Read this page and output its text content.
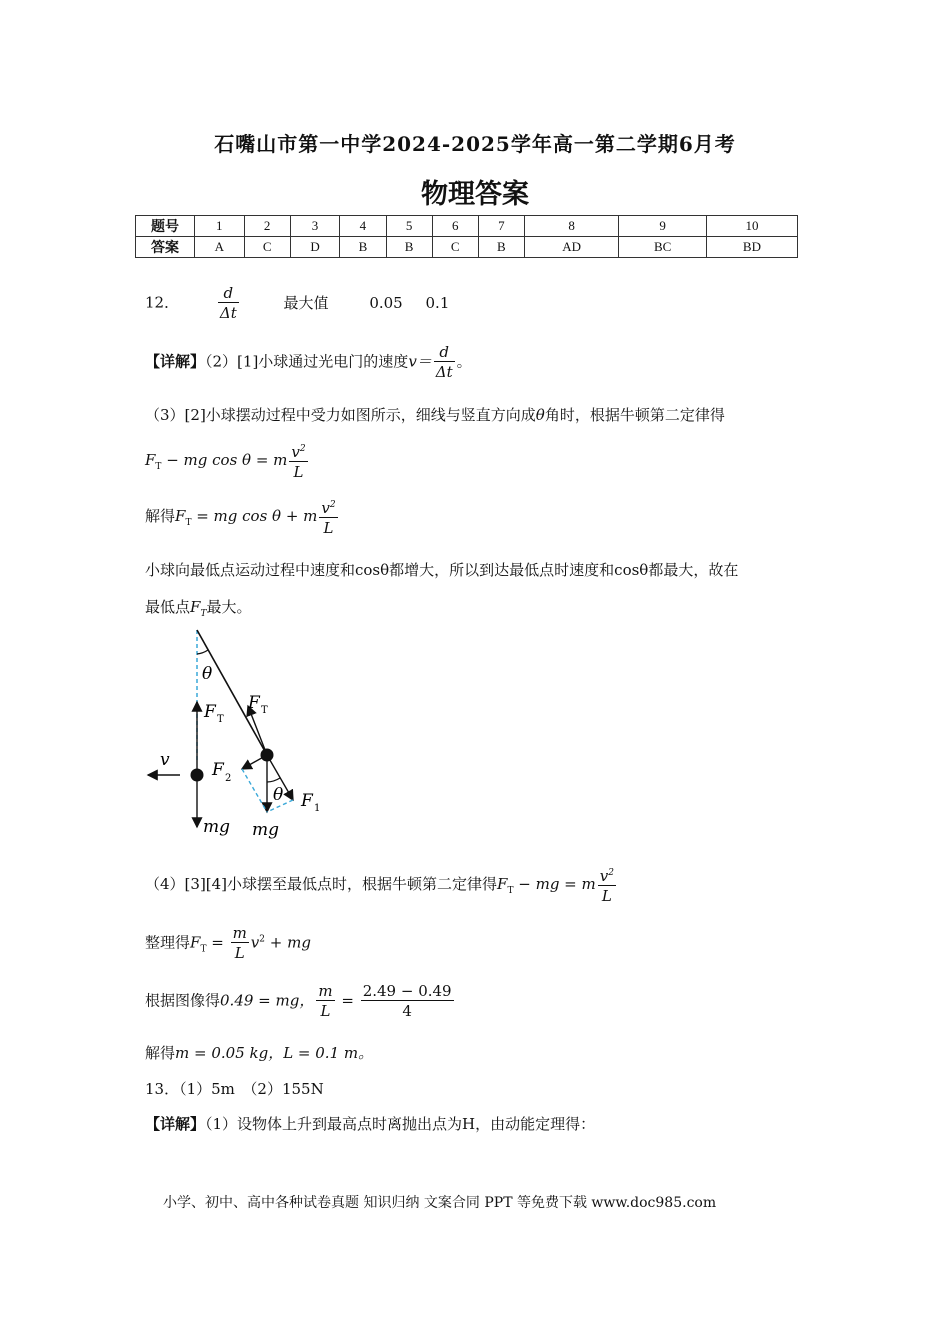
石嘴山市第一中学2024-2025学年高一第二学期6月考
物理答案
题号	1	2	3	4	5	6	7	8	9	10
答案	A	C	D	B	B	C	B	AD	BC	BD
12．	$\frac{d}{\Delta t}$	最大值	0.05 0.1
【详解】（2）[1]小球通过光电门的速度$v= \frac{d}{\Delta t}$ 。
（3）[2]小球摆动过程中受力如图所示，细线与竖直方向成θ角时，根据牛顿第二定律得
$F_T$ − mg cos θ = m $\frac{v^2}{L}$
解得$F_T$ = mg cos θ + m $\frac{v^2}{L}$
小球向最低点运动过程中速度和cosθ都增大，所以到达最低点时速度和cosθ都最大，故在
最低点$F_T$最大。
θ
F T
F T
v F 2
θ F 1
mg mg
（4）[3][4]小球摆至最低点时，根据牛顿第二定律得$F_T$ − mg = m $\frac{v^2}{L}$
整理得$F_T = \frac{m}{L} v^2$ + mg
根据图像得0.49 = mg， $\frac{m}{L} = \frac{2.49 - 0.49}{4}$
解得m = 0.05 kg，L = 0.1 m。
13．（1）5m　（2）155N
【详解】（1）设物体上升到最高点时离抛出点为H，由动能定理得：
小学、初中、高中各种试卷真题 知识归纳 文案合同 PPT 等免费下载 www.doc985.com
